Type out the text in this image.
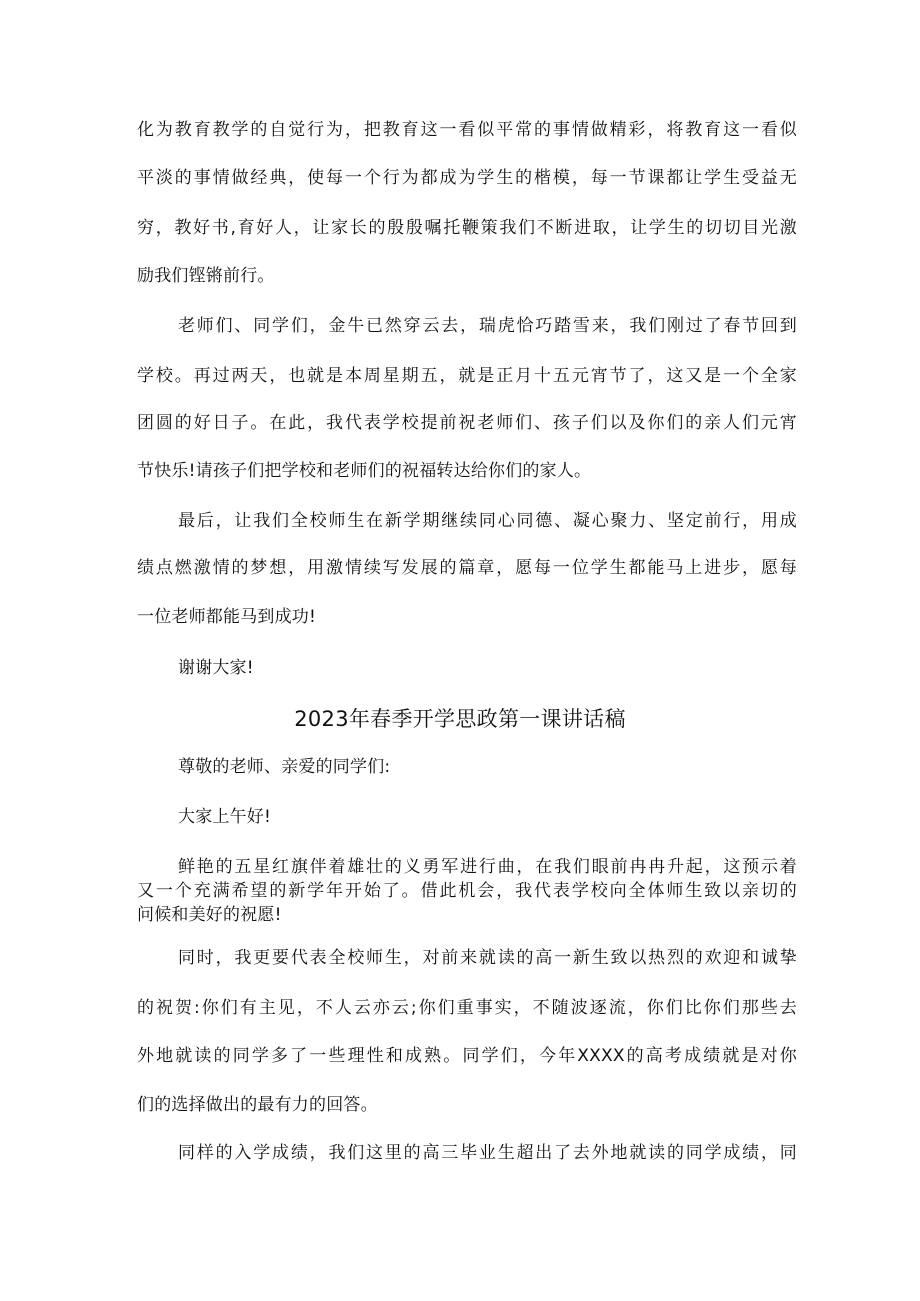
化为教育教学的自觉行为，把教育这一看似平常的事情做精彩，将教育这一看似
平淡的事情做经典，使每一个行为都成为学生的楷模，每一节课都让学生受益无
穷，教好书,育好人，让家长的殷殷嘱托鞭策我们不断进取，让学生的切切目光激
励我们铿锵前行。
老师们、同学们，金牛已然穿云去，瑞虎恰巧踏雪来，我们刚过了春节回到
学校。再过两天，也就是本周星期五，就是正月十五元宵节了，这又是一个全家
团圆的好日子。在此，我代表学校提前祝老师们、孩子们以及你们的亲人们元宵
节快乐!请孩子们把学校和老师们的祝福转达给你们的家人。
最后，让我们全校师生在新学期继续同心同德、凝心聚力、坚定前行，用成
绩点燃激情的梦想，用激情续写发展的篇章，愿每一位学生都能马上进步，愿每
一位老师都能马到成功!
谢谢大家!
2023年春季开学思政第一课讲话稿
尊敬的老师、亲爱的同学们:
大家上午好!
鲜艳的五星红旗伴着雄壮的义勇军进行曲，在我们眼前冉冉升起，这预示着
又一个充满希望的新学年开始了。借此机会，我代表学校向全体师生致以亲切的
问候和美好的祝愿!
同时，我更要代表全校师生，对前来就读的高一新生致以热烈的欢迎和诚挚
的祝贺:你们有主见，不人云亦云;你们重事实，不随波逐流，你们比你们那些去
外地就读的同学多了一些理性和成熟。同学们，今年XXXX的高考成绩就是对你
们的选择做出的最有力的回答。
同样的入学成绩，我们这里的高三毕业生超出了去外地就读的同学成绩，同
